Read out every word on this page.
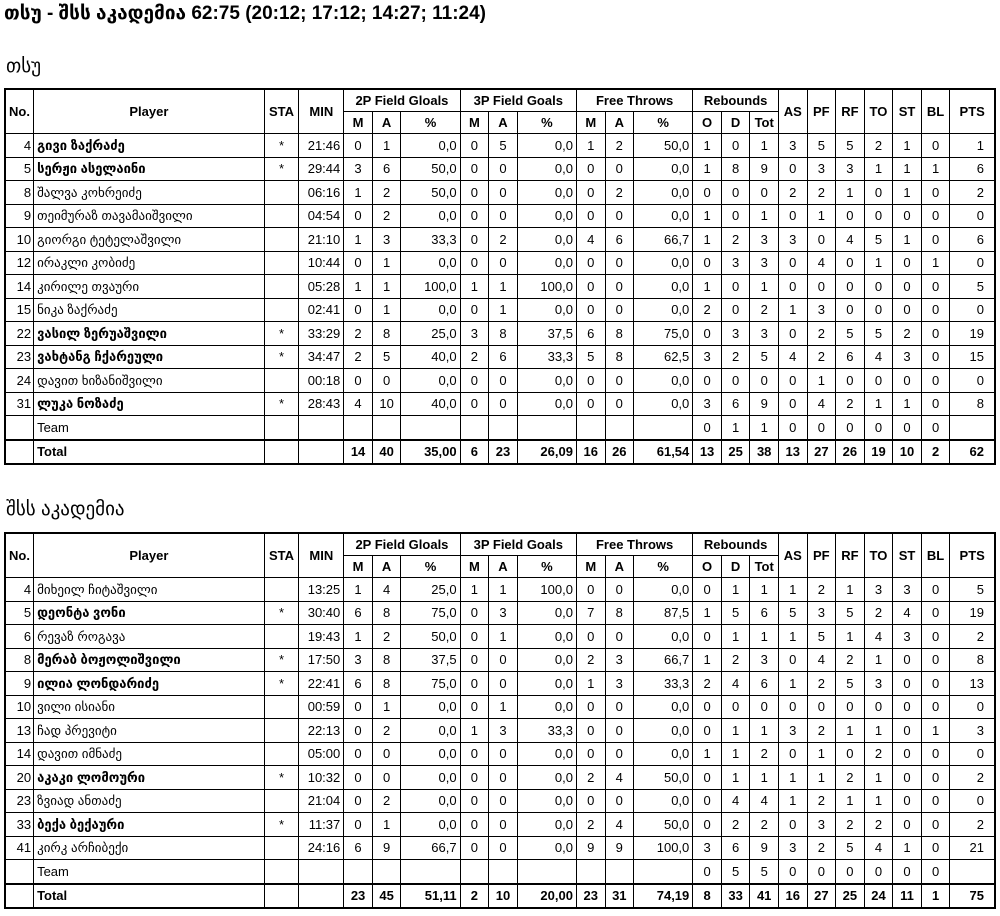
თსუ - შსს აკადემია 62:75 (20:12; 17:12; 14:27; 11:24)
თსუ
No.	Player	STA	MIN	2P Field Gloals			3P Field Goals			Free Throws			Rebounds			AS	PF	RF	TO	ST	BL	PTS
				M	A	%	M	A	%	M	A	%	O	D	Tot							
4	გივი ზაქრაძე	*	21:46	0	1	0,0	0	5	0,0	1	2	50,0	1	0	1	3	5	5	2	1	0	1
5	სერჟი ასელაინი	*	29:44	3	6	50,0	0	0	0,0	0	0	0,0	1	8	9	0	3	3	1	1	1	6
8	შალვა კოხრეიძე		06:16	1	2	50,0	0	0	0,0	0	2	0,0	0	0	0	2	2	1	0	1	0	2
9	თეიმურაზ თავამაიშვილი		04:54	0	2	0,0	0	0	0,0	0	0	0,0	1	0	1	0	1	0	0	0	0	0
10	გიორგი ტეტელაშვილი		21:10	1	3	33,3	0	2	0,0	4	6	66,7	1	2	3	3	0	4	5	1	0	6
12	ირაკლი კობიძე		10:44	0	1	0,0	0	0	0,0	0	0	0,0	0	3	3	0	4	0	1	0	1	0
14	კირილე თვაური		05:28	1	1	100,0	1	1	100,0	0	0	0,0	1	0	1	0	0	0	0	0	0	5
15	ნიკა ზაქრაძე		02:41	0	1	0,0	0	1	0,0	0	0	0,0	2	0	2	1	3	0	0	0	0	0
22	ვასილ ზერუაშვილი	*	33:29	2	8	25,0	3	8	37,5	6	8	75,0	0	3	3	0	2	5	5	2	0	19
23	ვახტანგ ჩქარეული	*	34:47	2	5	40,0	2	6	33,3	5	8	62,5	3	2	5	4	2	6	4	3	0	15
24	დავით ხიზანიშვილი		00:18	0	0	0,0	0	0	0,0	0	0	0,0	0	0	0	0	1	0	0	0	0	0
31	ლუკა ნოზაძე	*	28:43	4	10	40,0	0	0	0,0	0	0	0,0	3	6	9	0	4	2	1	1	0	8
	Team												0	1	1	0	0	0	0	0	0	
	Total			14	40	35,00	6	23	26,09	16	26	61,54	13	25	38	13	27	26	19	10	2	62
შსს აკადემია
No.	Player	STA	MIN	2P Field Gloals			3P Field Goals			Free Throws			Rebounds			AS	PF	RF	TO	ST	BL	PTS
				M	A	%	M	A	%	M	A	%	O	D	Tot							
4	მიხეილ ჩიტაშვილი		13:25	1	4	25,0	1	1	100,0	0	0	0,0	0	1	1	1	2	1	3	3	0	5
5	დეონტა ვონი	*	30:40	6	8	75,0	0	3	0,0	7	8	87,5	1	5	6	5	3	5	2	4	0	19
6	რევაზ როგავა		19:43	1	2	50,0	0	1	0,0	0	0	0,0	0	1	1	1	5	1	4	3	0	2
8	მერაბ ბოჟოლიშვილი	*	17:50	3	8	37,5	0	0	0,0	2	3	66,7	1	2	3	0	4	2	1	0	0	8
9	ილია ლონდარიძე	*	22:41	6	8	75,0	0	0	0,0	1	3	33,3	2	4	6	1	2	5	3	0	0	13
10	ვილი ისიანი		00:59	0	1	0,0	0	1	0,0	0	0	0,0	0	0	0	0	0	0	0	0	0	0
13	ჩად პრევიტი		22:13	0	2	0,0	1	3	33,3	0	0	0,0	0	1	1	3	2	1	1	0	1	3
14	დავით იმნაძე		05:00	0	0	0,0	0	0	0,0	0	0	0,0	1	1	2	0	1	0	2	0	0	0
20	აკაკი ლომოური	*	10:32	0	0	0,0	0	0	0,0	2	4	50,0	0	1	1	1	1	2	1	0	0	2
23	ზვიად ანთაძე		21:04	0	2	0,0	0	0	0,0	0	0	0,0	0	4	4	1	2	1	1	0	0	0
33	ბექა ბექაური	*	11:37	0	1	0,0	0	0	0,0	2	4	50,0	0	2	2	0	3	2	2	0	0	2
41	კირკ არჩიბექი		24:16	6	9	66,7	0	0	0,0	9	9	100,0	3	6	9	3	2	5	4	1	0	21
	Team												0	5	5	0	0	0	0	0	0	
	Total			23	45	51,11	2	10	20,00	23	31	74,19	8	33	41	16	27	25	24	11	1	75
